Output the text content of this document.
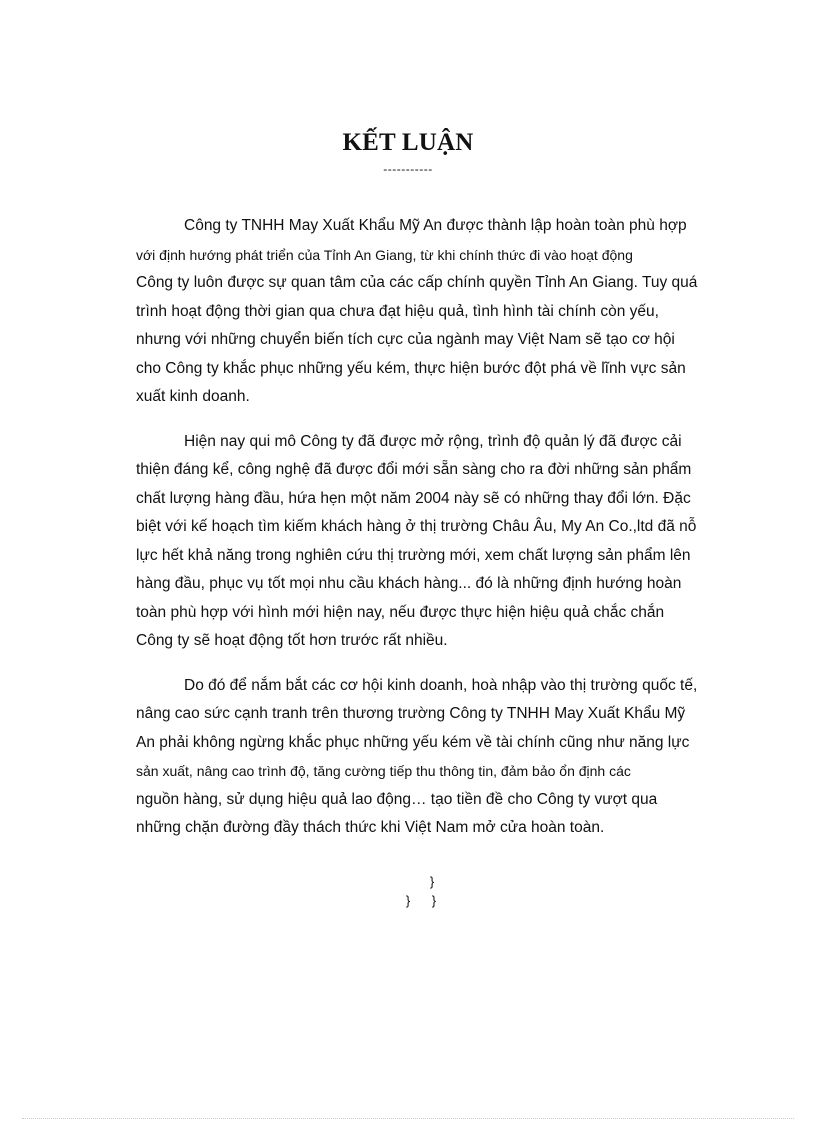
KẾT LUẬN
-----------

Công ty TNHH May Xuất Khẩu Mỹ An được thành lập hoàn toàn phù hợp
với định hướng phát triển của Tỉnh An Giang, từ khi chính thức đi vào hoạt động
Công ty luôn được sự quan tâm của các cấp chính quyền Tỉnh An Giang. Tuy quá
trình hoạt động thời gian qua chưa đạt hiệu quả, tình hình tài chính còn yếu,
nhưng với những chuyển biến tích cực của ngành may Việt Nam sẽ tạo cơ hội
cho Công ty khắc phục những yếu kém, thực hiện bước đột phá về lĩnh vực sản
xuất kinh doanh.

Hiện nay qui mô Công ty đã được mở rộng, trình độ quản lý đã được cải
thiện đáng kể, công nghệ đã được đổi mới sẵn sàng cho ra đời những sản phẩm
chất lượng hàng đầu, hứa hẹn một năm 2004 này sẽ có những thay đổi lớn. Đặc
biệt với kế hoạch tìm kiếm khách hàng ở thị trường Châu Âu, My An Co.,ltd đã nỗ
lực hết khả năng trong nghiên cứu thị trường mới, xem chất lượng sản phẩm lên
hàng đầu, phục vụ tốt mọi nhu cầu khách hàng... đó là những định hướng hoàn
toàn phù hợp với hình mới hiện nay, nếu được thực hiện hiệu quả chắc chắn
Công ty sẽ hoạt động tốt hơn trước rất nhiều.

Do đó để nắm bắt các cơ hội kinh doanh, hoà nhập vào thị trường quốc tế,
nâng cao sức cạnh tranh trên thương trường Công ty TNHH May Xuất Khẩu Mỹ
An phải không ngừng khắc phục những yếu kém về tài chính cũng như năng lực
sản xuất, nâng cao trình độ, tăng cường tiếp thu thông tin, đảm bảo ổn định các
nguồn hàng, sử dụng hiệu quả lao động… tạo tiền đề cho Công ty vượt qua
những chặn đường đầy thách thức khi Việt Nam mở cửa hoàn toàn.

}
} }
